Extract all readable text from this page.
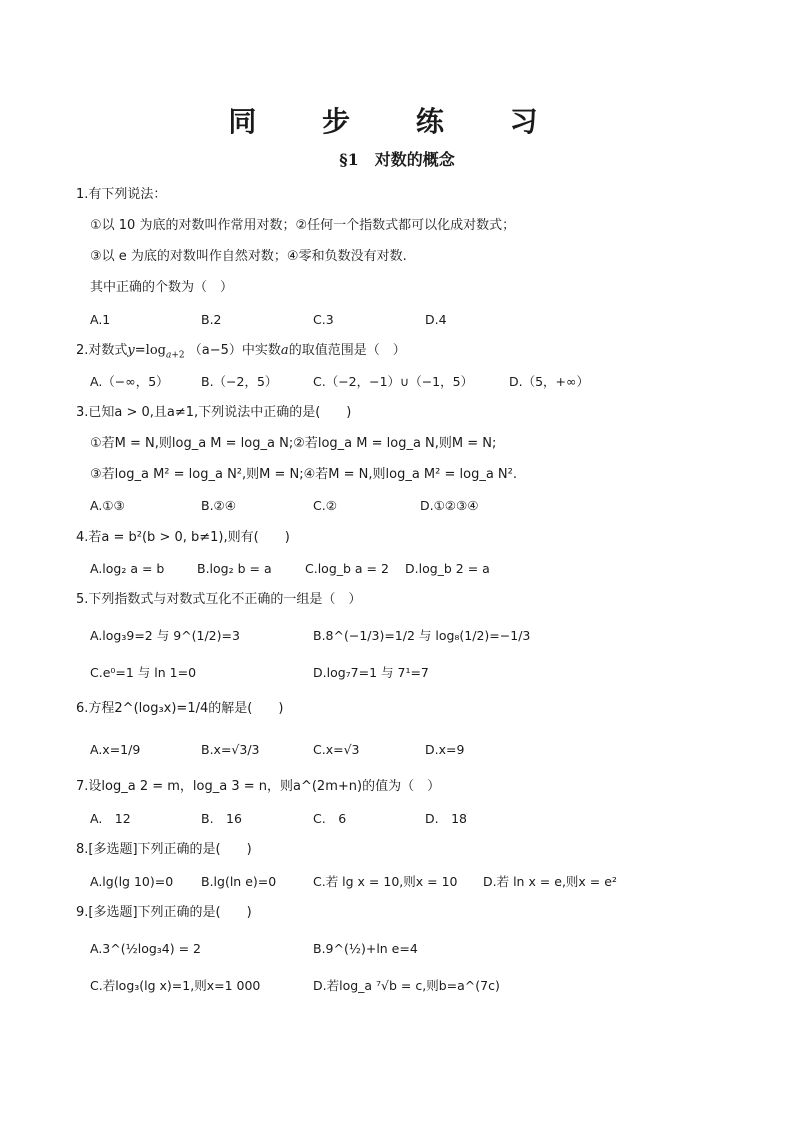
同 步 练 习
§1　对数的概念
1.有下列说法：
①以 10 为底的对数叫作常用对数；②任何一个指数式都可以化成对数式；
③以 e 为底的对数叫作自然对数；④零和负数没有对数.
其中正确的个数为（　）
A.1	B.2	C.3	D.4
2.对数式$y=\log_{a+2}$ （a−5）中实数a的取值范围是（　）
A.（−∞，5）	B.（−2，5）	C.（−2，−1）∪（−1，5）	D.（5，+∞）
3.已知a > 0,且a≠1,下列说法中正确的是(　　)
①若M = N,则log_a M = log_a N;②若log_a M = log_a N,则M = N;
③若log_a M² = log_a N²,则M = N;④若M = N,则log_a M² = log_a N².
A.①③	B.②④	C.②	D.①②③④
4.若a = b²(b > 0, b≠1),则有(　　)
A.log₂ a = b	B.log₂ b = a	C.log_b a = 2 D.log_b 2 = a
5.下列指数式与对数式互化不正确的一组是（　）
A.log₃9=2 与 9^(1/2)=3	B.8^(−1/3)=1/2 与 log₈(1/2)=−1/3
C.e⁰=1 与 ln 1=0	D.log₇7=1 与 7¹=7
6.方程2^(log₃x)=1/4的解是(　　)
A.x=1/9	B.x=√3/3	C.x=√3	D.x=9
7.设log_a 2 = m，log_a 3 = n，则a^(2m+n)的值为（　）
A.　12	B.　16	C.　6	D.　18
8.[多选题]下列正确的是(　　)
A.lg(lg 10)=0 B.lg(ln e)=0	C.若 lg x = 10,则x = 10 D.若 ln x = e,则x = e²
9.[多选题]下列正确的是(　　)
A.3^(½log₃4) = 2	B.9^(½)+ln e=4
C.若log₃(lg x)=1,则x=1 000	D.若log_a ⁷√b = c,则b=a^(7c)
